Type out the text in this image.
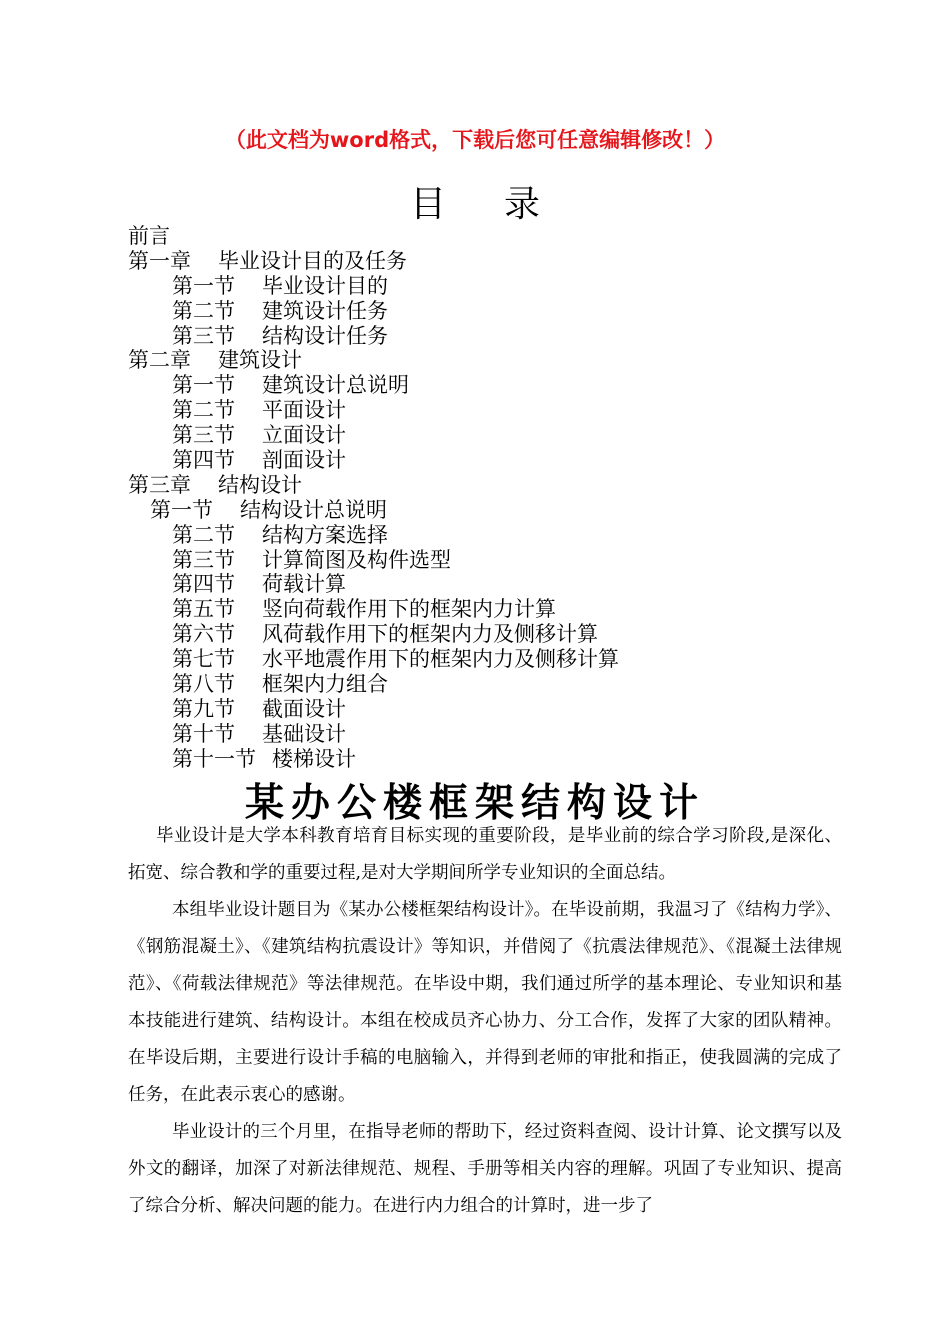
（此文档为word格式，下载后您可任意编辑修改！）
目录
前言
第一章 毕业设计目的及任务
第一节 毕业设计目的
第二节 建筑设计任务
第三节 结构设计任务
第二章 建筑设计
第一节 建筑设计总说明
第二节 平面设计
第三节 立面设计
第四节 剖面设计
第三章 结构设计
第一节 结构设计总说明
第二节 结构方案选择
第三节 计算简图及构件选型
第四节 荷载计算
第五节 竖向荷载作用下的框架内力计算
第六节 风荷载作用下的框架内力及侧移计算
第七节 水平地震作用下的框架内力及侧移计算
第八节 框架内力组合
第九节 截面设计
第十节 基础设计
第十一节 楼梯设计
某办公楼框架结构设计

毕业设计是大学本科教育培育目标实现的重要阶段，是毕业前的综合学习阶段,是深化、拓宽、综合教和学的重要过程,是对大学期间所学专业知识的全面总结。

本组毕业设计题目为《某办公楼框架结构设计》。在毕设前期，我温习了《结构力学》、《钢筋混凝土》、《建筑结构抗震设计》等知识，并借阅了《抗震法律规范》、《混凝土法律规范》、《荷载法律规范》等法律规范。在毕设中期，我们通过所学的基本理论、专业知识和基本技能进行建筑、结构设计。本组在校成员齐心协力、分工合作，发挥了大家的团队精神。在毕设后期，主要进行设计手稿的电脑输入，并得到老师的审批和指正，使我圆满的完成了任务，在此表示衷心的感谢。

毕业设计的三个月里，在指导老师的帮助下，经过资料查阅、设计计算、论文撰写以及外文的翻译，加深了对新法律规范、规程、手册等相关内容的理解。巩固了专业知识、提高了综合分析、解决问题的能力。在进行内力组合的计算时，进一步了
